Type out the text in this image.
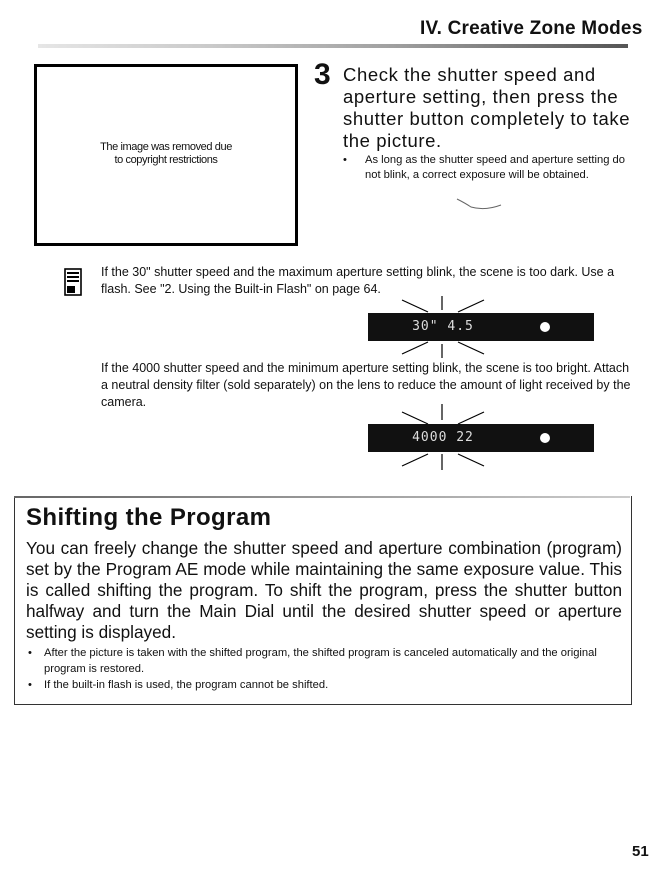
IV. Creative Zone Modes
The image was removed due
to copyright restrictions
3 Check the shutter speed and aperture setting, then press the shutter button completely to take the picture.
•	As long as the shutter speed and aperture setting do not blink, a correct exposure will be obtained.
If the 30" shutter speed and the maximum aperture setting blink, the scene is too dark. Use a flash. See "2. Using the Built-in Flash" on page 64.
30" 4.5
If the 4000 shutter speed and the minimum aperture setting blink, the scene is too bright. Attach a neutral density filter (sold separately) on the lens to reduce the amount of light received by the camera.
4000 22
Shifting the Program
You can freely change the shutter speed and aperture combination (program) set by the Program AE mode while maintaining the same exposure value. This is called shifting the program. To shift the program, press the shutter button halfway and turn the Main Dial until the desired shutter speed or aperture setting is displayed.
• After the picture is taken with the shifted program, the shifted program is canceled automatically and the original program is restored.
• If the built-in flash is used, the program cannot be shifted.
51
